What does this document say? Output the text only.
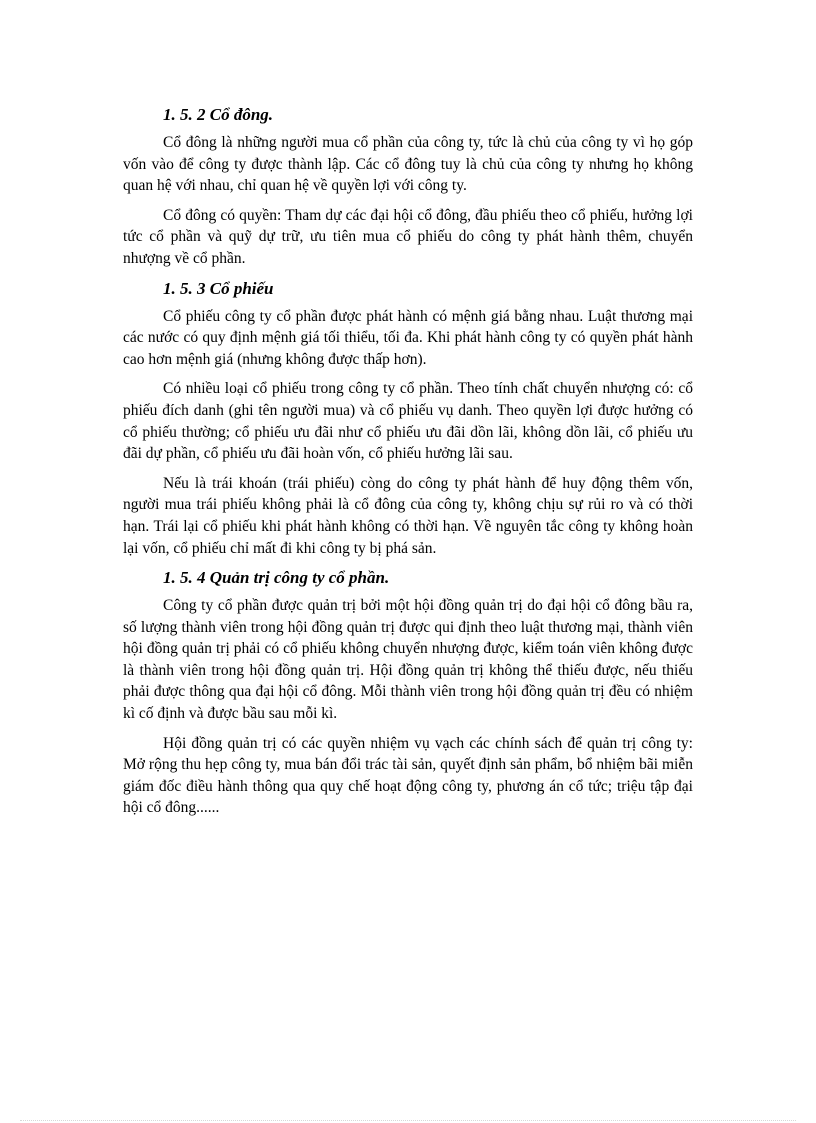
1. 5. 2 Cổ đông.

Cổ đông là những người mua cổ phần của công ty, tức là chủ của công ty vì họ góp vốn vào để công ty được thành lập. Các cổ đông tuy là chủ của công ty nhưng họ không quan hệ với nhau, chỉ quan hệ về quyền lợi với công ty.

Cổ đông có quyền: Tham dự các đại hội cổ đông, đầu phiếu theo cổ phiếu, hưởng lợi tức cổ phần và quỹ dự trữ, ưu tiên mua cổ phiếu do công ty phát hành thêm, chuyển nhượng về cổ phần.

1. 5. 3 Cổ phiếu

Cổ phiếu công ty cổ phần được phát hành có mệnh giá bằng nhau. Luật thương mại các nước có quy định mệnh giá tối thiểu, tối đa. Khi phát hành công ty có quyền phát hành cao hơn mệnh giá (nhưng không được thấp hơn).

Có nhiều loại cổ phiếu trong công ty cổ phần. Theo tính chất chuyển nhượng có: cổ phiếu đích danh (ghi tên người mua) và cổ phiếu vụ danh. Theo quyền lợi được hưởng có cổ phiếu thường; cổ phiếu ưu đãi như cổ phiếu ưu đãi dồn lãi, không dồn lãi, cổ phiếu ưu đãi dự phần, cổ phiếu ưu đãi hoàn vốn, cổ phiếu hưởng lãi sau.

Nếu là trái khoán (trái phiếu) còng do công ty phát hành để huy động thêm vốn, người mua trái phiếu không phải là cổ đông của công ty, không chịu sự rủi ro và có thời hạn. Trái lại cổ phiếu khi phát hành không có thời hạn. Về nguyên tắc công ty không hoàn lại vốn, cổ phiếu chỉ mất đi khi công ty bị phá sản.

1. 5. 4 Quản trị công ty cổ phần.

Công ty cổ phần được quản trị bởi một hội đồng quản trị do đại hội cổ đông bầu ra, số lượng thành viên trong hội đồng quản trị được qui định theo luật thương mại, thành viên hội đồng quản trị phải có cổ phiếu không chuyển nhượng được, kiểm toán viên không được là thành viên trong hội đồng quản trị. Hội đồng quản trị không thể thiếu được, nếu thiếu phải được thông qua đại hội cổ đông. Mỗi thành viên trong hội đồng quản trị đều có nhiệm kì cố định và được bầu sau mỗi kì.

Hội đồng quản trị có các quyền nhiệm vụ vạch các chính sách để quản trị công ty: Mở rộng thu hẹp công ty, mua bán đổi trác tài sản, quyết định sản phẩm, bổ nhiệm bãi miễn giám đốc điều hành thông qua quy chế hoạt động công ty, phương án cổ tức; triệu tập đại hội cổ đông......
